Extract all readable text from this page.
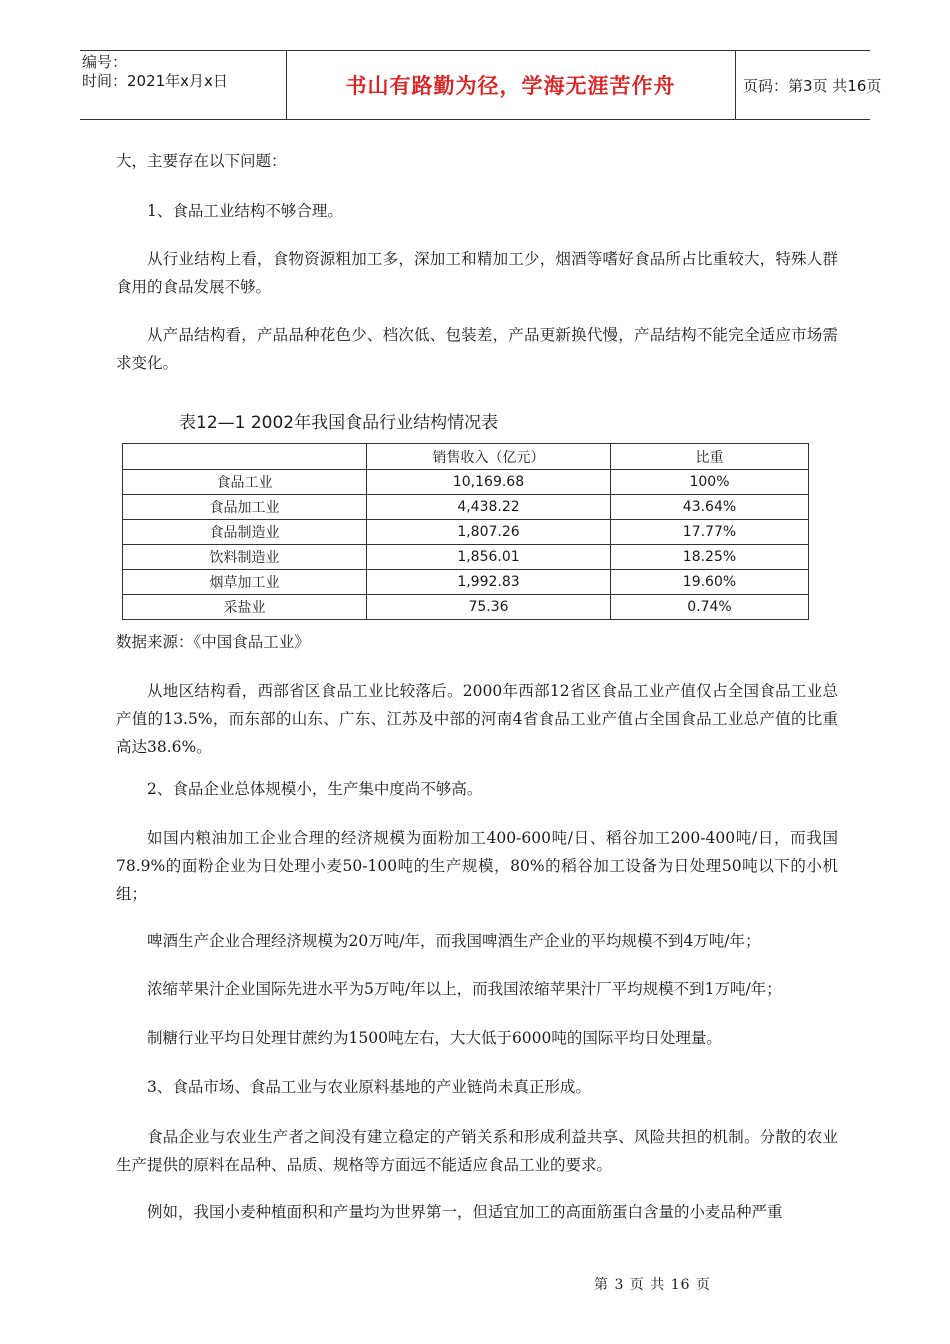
编号：
时间：2021年x月x日	书山有路勤为径，学海无涯苦作舟	页码：第3页 共16页
大，主要存在以下问题：
1、食品工业结构不够合理。
从行业结构上看，食物资源粗加工多，深加工和精加工少，烟酒等嗜好食品所占比重较大，特殊人群食用的食品发展不够。
从产品结构看，产品品种花色少、档次低、包装差，产品更新换代慢，产品结构不能完全适应市场需求变化。
表12—1 2002年我国食品行业结构情况表
	销售收入（亿元）	比重
食品工业	10,169.68	100%
食品加工业	4,438.22	43.64%
食品制造业	1,807.26	17.77%
饮料制造业	1,856.01	18.25%
烟草加工业	1,992.83	19.60%
采盐业	75.36	0.74%
数据来源：《中国食品工业》
从地区结构看，西部省区食品工业比较落后。2000年西部12省区食品工业产值仅占全国食品工业总产值的13.5%，而东部的山东、广东、江苏及中部的河南4省食品工业产值占全国食品工业总产值的比重高达38.6%。
2、食品企业总体规模小，生产集中度尚不够高。
如国内粮油加工企业合理的经济规模为面粉加工400-600吨/日、稻谷加工200-400吨/日，而我国78.9%的面粉企业为日处理小麦50-100吨的生产规模，80%的稻谷加工设备为日处理50吨以下的小机组；
啤酒生产企业合理经济规模为20万吨/年，而我国啤酒生产企业的平均规模不到4万吨/年；
浓缩苹果汁企业国际先进水平为5万吨/年以上，而我国浓缩苹果汁厂平均规模不到1万吨/年；
制糖行业平均日处理甘蔗约为1500吨左右，大大低于6000吨的国际平均日处理量。
3、食品市场、食品工业与农业原料基地的产业链尚未真正形成。
食品企业与农业生产者之间没有建立稳定的产销关系和形成利益共享、风险共担的机制。分散的农业生产提供的原料在品种、品质、规格等方面远不能适应食品工业的要求。
例如，我国小麦种植面积和产量均为世界第一，但适宜加工的高面筋蛋白含量的小麦品种严重
第 3 页 共 16 页
